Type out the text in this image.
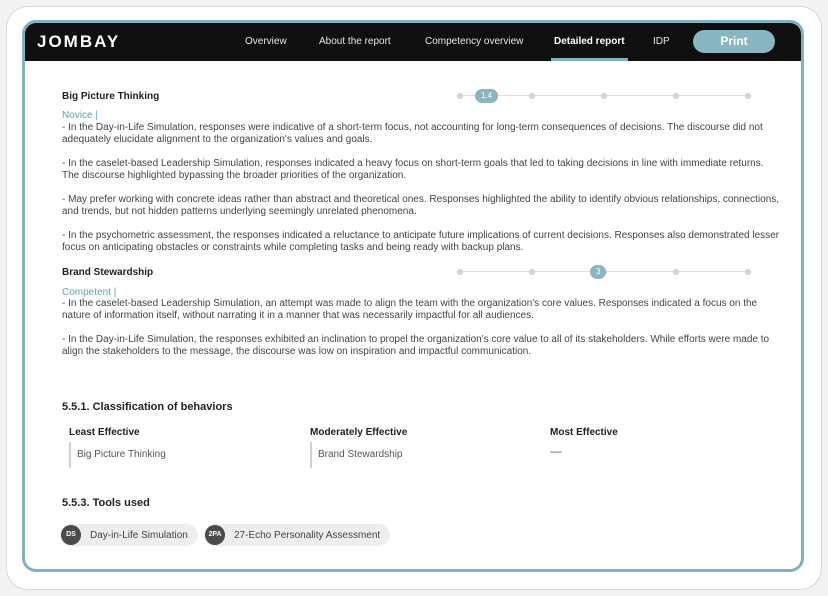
JOMBAY	Overview	About the report	Competency overview	Detailed report	IDP	Print
Big Picture Thinking	1.4
Novice |
- In the Day-in-Life Simulation, responses were indicative of a short-term focus, not accounting for long-term consequences of decisions. The discourse did not adequately elucidate alignment to the organization's values and goals.
- In the caselet-based Leadership Simulation, responses indicated a heavy focus on short-term goals that led to taking decisions in line with immediate returns. The discourse highlighted bypassing the broader priorities of the organization.
- May prefer working with concrete ideas rather than abstract and theoretical ones. Responses highlighted the ability to identify obvious relationships, connections, and trends, but not hidden patterns underlying seemingly unrelated phenomena.
- In the psychometric assessment, the responses indicated a reluctance to anticipate future implications of current decisions. Responses also demonstrated lesser focus on anticipating obstacles or constraints while completing tasks and being ready with backup plans.
Brand Stewardship	3
Competent |
- In the caselet-based Leadership Simulation, an attempt was made to align the team with the organization's core values. Responses indicated a focus on the nature of information itself, without narrating it in a manner that was necessarily impactful for all audiences.
- In the Day-in-Life Simulation, the responses exhibited an inclination to propel the organization's core value to all of its stakeholders. While efforts were made to align the stakeholders to the message, the discourse was low on inspiration and impactful communication.
5.5.1. Classification of behaviors
Least Effective	Moderately Effective	Most Effective
Big Picture Thinking	Brand Stewardship	—
5.5.3. Tools used
DS	Day-in-Life Simulation	2PA	27-Echo Personality Assessment
